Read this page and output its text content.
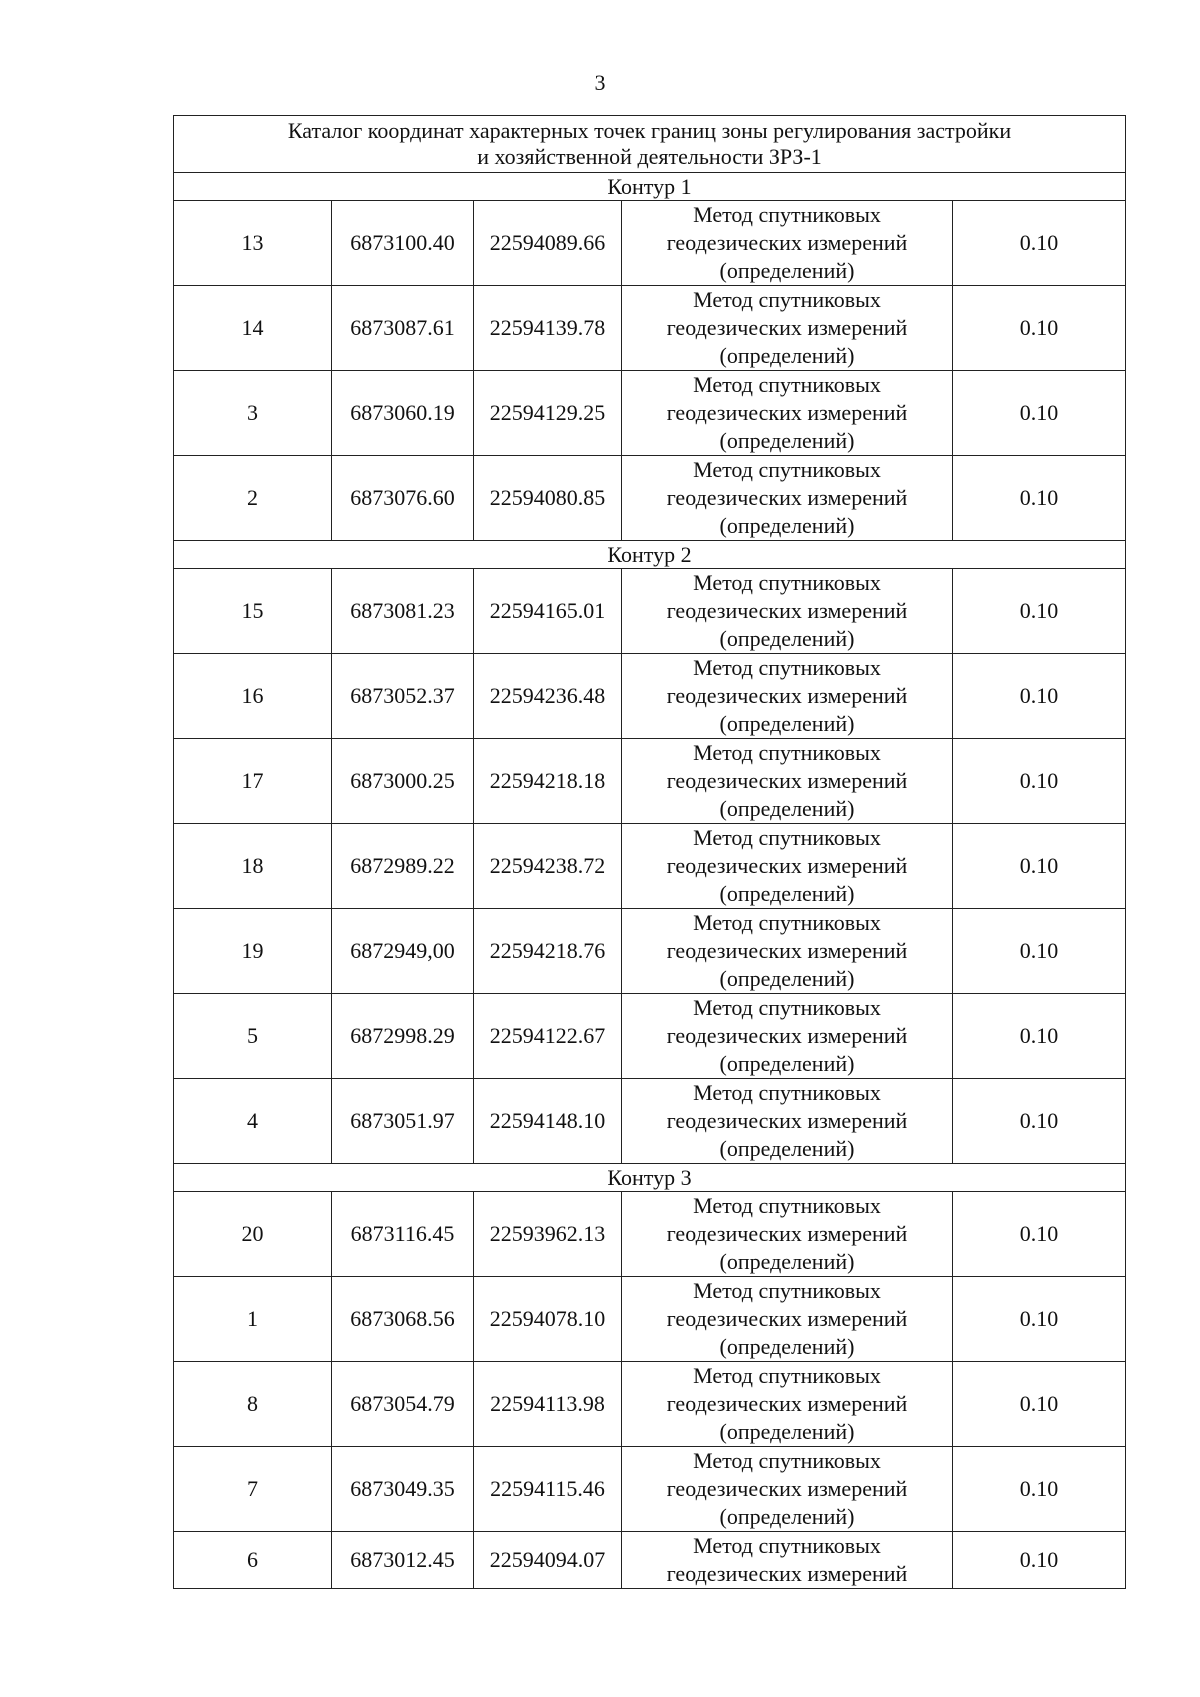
3
Каталог координат характерных точек границ зоны регулирования застройки
и хозяйственной деятельности ЗРЗ-1				

Контур 1				
13	6873100.40	22594089.66	Метод спутниковых
геодезических измерений
(определений)	0.10
14	6873087.61	22594139.78	Метод спутниковых
геодезических измерений
(определений)	0.10
3	6873060.19	22594129.25	Метод спутниковых
геодезических измерений
(определений)	0.10
2	6873076.60	22594080.85	Метод спутниковых
геодезических измерений
(определений)	0.10
Контур 2				
15	6873081.23	22594165.01	Метод спутниковых
геодезических измерений
(определений)	0.10
16	6873052.37	22594236.48	Метод спутниковых
геодезических измерений
(определений)	0.10
17	6873000.25	22594218.18	Метод спутниковых
геодезических измерений
(определений)	0.10
18	6872989.22	22594238.72	Метод спутниковых
геодезических измерений
(определений)	0.10
19	6872949,00	22594218.76	Метод спутниковых
геодезических измерений
(определений)	0.10
5	6872998.29	22594122.67	Метод спутниковых
геодезических измерений
(определений)	0.10
4	6873051.97	22594148.10	Метод спутниковых
геодезических измерений
(определений)	0.10
Контур 3				
20	6873116.45	22593962.13	Метод спутниковых
геодезических измерений
(определений)	0.10
1	6873068.56	22594078.10	Метод спутниковых
геодезических измерений
(определений)	0.10
8	6873054.79	22594113.98	Метод спутниковых
геодезических измерений
(определений)	0.10
7	6873049.35	22594115.46	Метод спутниковых
геодезических измерений
(определений)	0.10
6	6873012.45	22594094.07	Метод спутниковых
геодезических измерений	0.10
